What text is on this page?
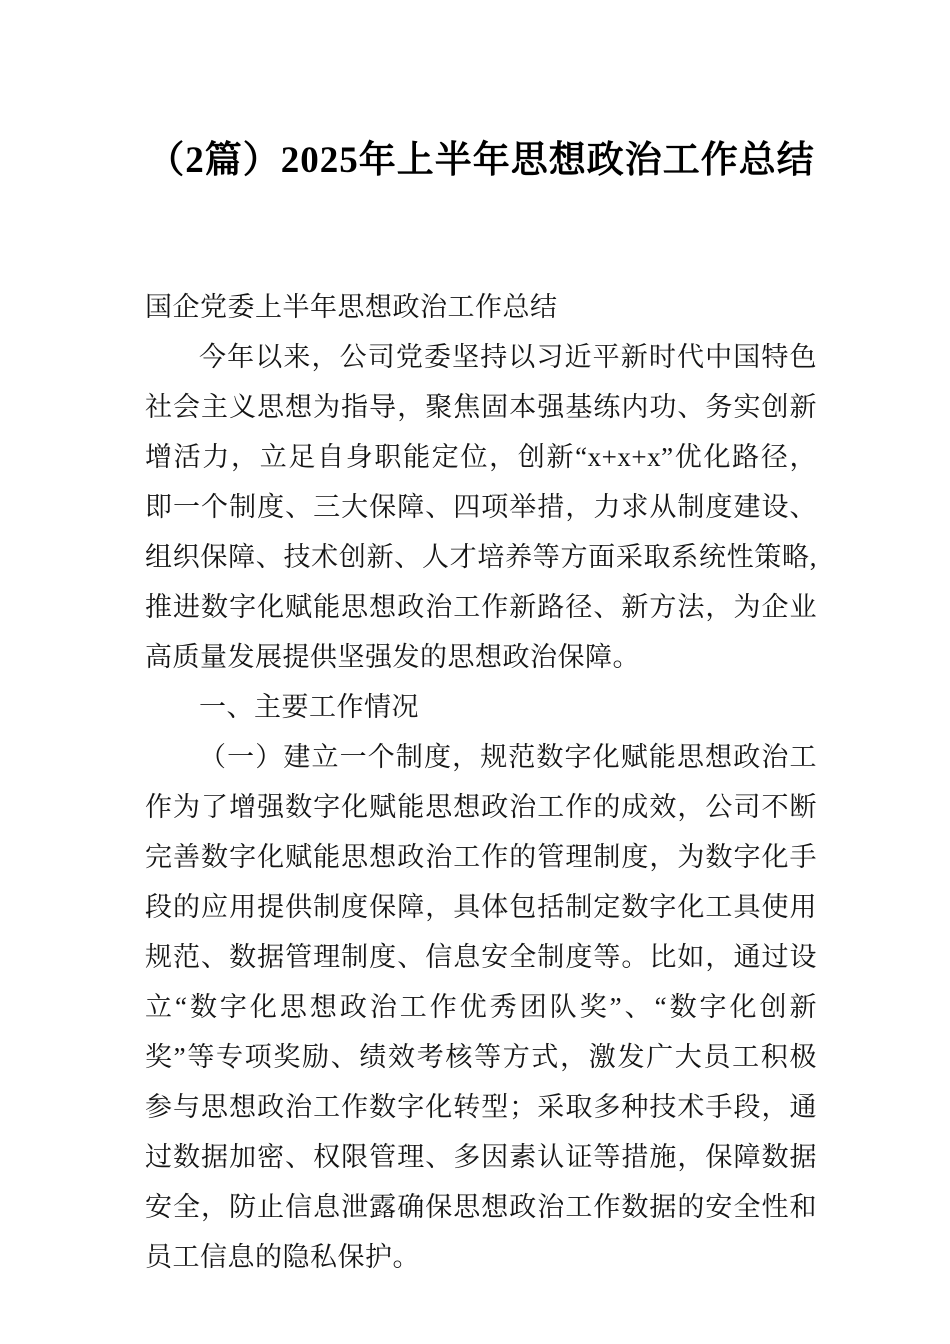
（2篇）2025年上半年思想政治工作总结

国企党委上半年思想政治工作总结

今年以来，公司党委坚持以习近平新时代中国特色社会主义思想为指导，聚焦固本强基练内功、务实创新增活力，立足自身职能定位，创新“x+x+x”优化路径，即一个制度、三大保障、四项举措，力求从制度建设、组织保障、技术创新、人才培养等方面采取系统性策略,推进数字化赋能思想政治工作新路径、新方法，为企业高质量发展提供坚强发的思想政治保障。

一、主要工作情况

（一）建立一个制度，规范数字化赋能思想政治工作为了增强数字化赋能思想政治工作的成效，公司不断完善数字化赋能思想政治工作的管理制度，为数字化手段的应用提供制度保障，具体包括制定数字化工具使用规范、数据管理制度、信息安全制度等。比如，通过设立“数字化思想政治工作优秀团队奖”、“数字化创新奖”等专项奖励、绩效考核等方式，激发广大员工积极参与思想政治工作数字化转型；采取多种技术手段，通过数据加密、权限管理、多因素认证等措施，保障数据安全，防止信息泄露确保思想政治工作数据的安全性和员工信息的隐私保护。
